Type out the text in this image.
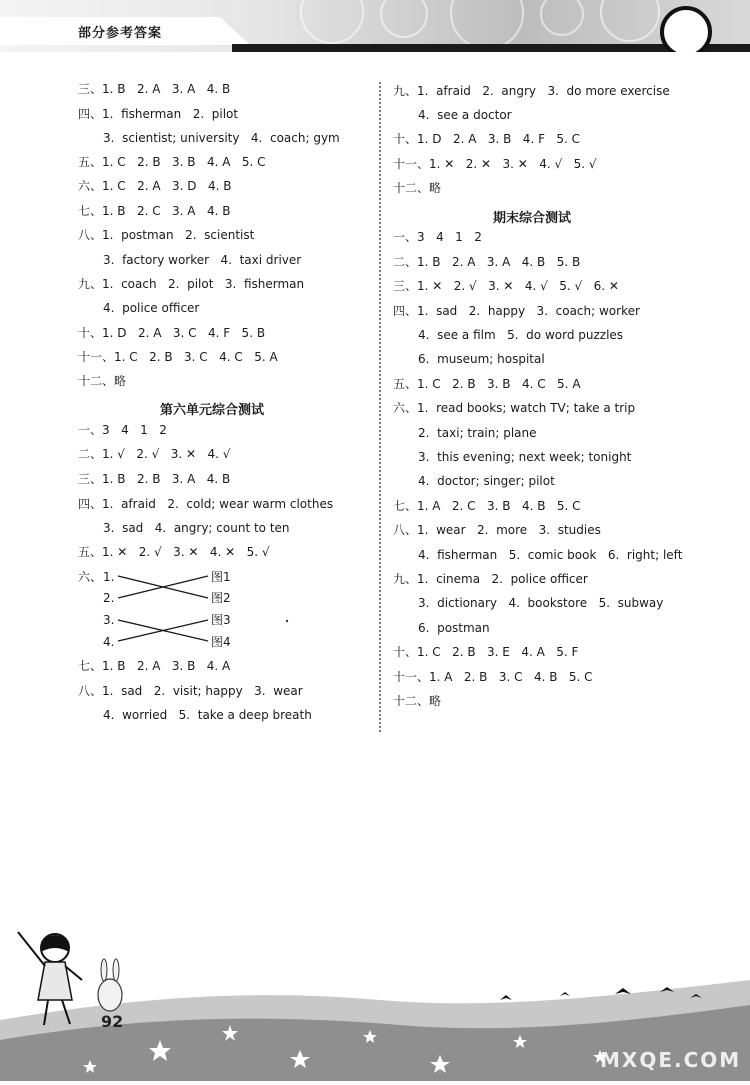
部分参考答案
三、1. B   2. A   3. A   4. B
四、1.  fisherman   2.  pilot
3.  scientist; university   4.  coach; gym
五、1. C   2. B   3. B   4. A   5. C
六、1. C   2. A   3. D   4. B
七、1. B   2. C   3. A   4. B
八、1.  postman   2.  scientist
3.  factory worker   4.  taxi driver
九、1.  coach   2.  pilot   3.  fisherman
4.  police officer
十、1. D   2. A   3. C   4. F   5. B
十一、1. C   2. B   3. C   4. C   5. A
十二、略
第六单元综合测试
一、3   4   1   2
二、1. √   2. √   3. ✕   4. √
三、1. B   2. B   3. A   4. B
四、1.  afraid   2.  cold; wear warm clothes
3.  sad   4.  angry; count to ten
五、1. ✕   2. √   3. ✕   4. ✕   5. √
六、 1.
2.
3.
4.
图1
图2
图3
图4
七、1. B   2. A   3. B   4. A
八、1.  sad   2.  visit; happy   3.  wear
4.  worried   5.  take a deep breath
九、1.  afraid   2.  angry   3.  do more exercise
4.  see a doctor
十、1. D   2. A   3. B   4. F   5. C
十一、1. ✕   2. ✕   3. ✕   4. √   5. √
十二、略
期末综合测试
一、3   4   1   2
二、1. B   2. A   3. A   4. B   5. B
三、1. ✕   2. √   3. ✕   4. √   5. √   6. ✕
四、1.  sad   2.  happy   3.  coach; worker
4.  see a film   5.  do word puzzles
6.  museum; hospital
五、1. C   2. B   3. B   4. C   5. A
六、1.  read books; watch TV; take a trip
2.  taxi; train; plane
3.  this evening; next week; tonight
4.  doctor; singer; pilot
七、1. A   2. C   3. B   4. B   5. C
八、1.  wear   2.  more   3.  studies
4.  fisherman   5.  comic book   6.  right; left
九、1.  cinema   2.  police officer
3.  dictionary   4.  bookstore   5.  subway
6.  postman
十、1. C   2. B   3. E   4. A   5. F
十一、1. A   2. B   3. C   4. B   5. C
十二、略
92
MXQE.COM
